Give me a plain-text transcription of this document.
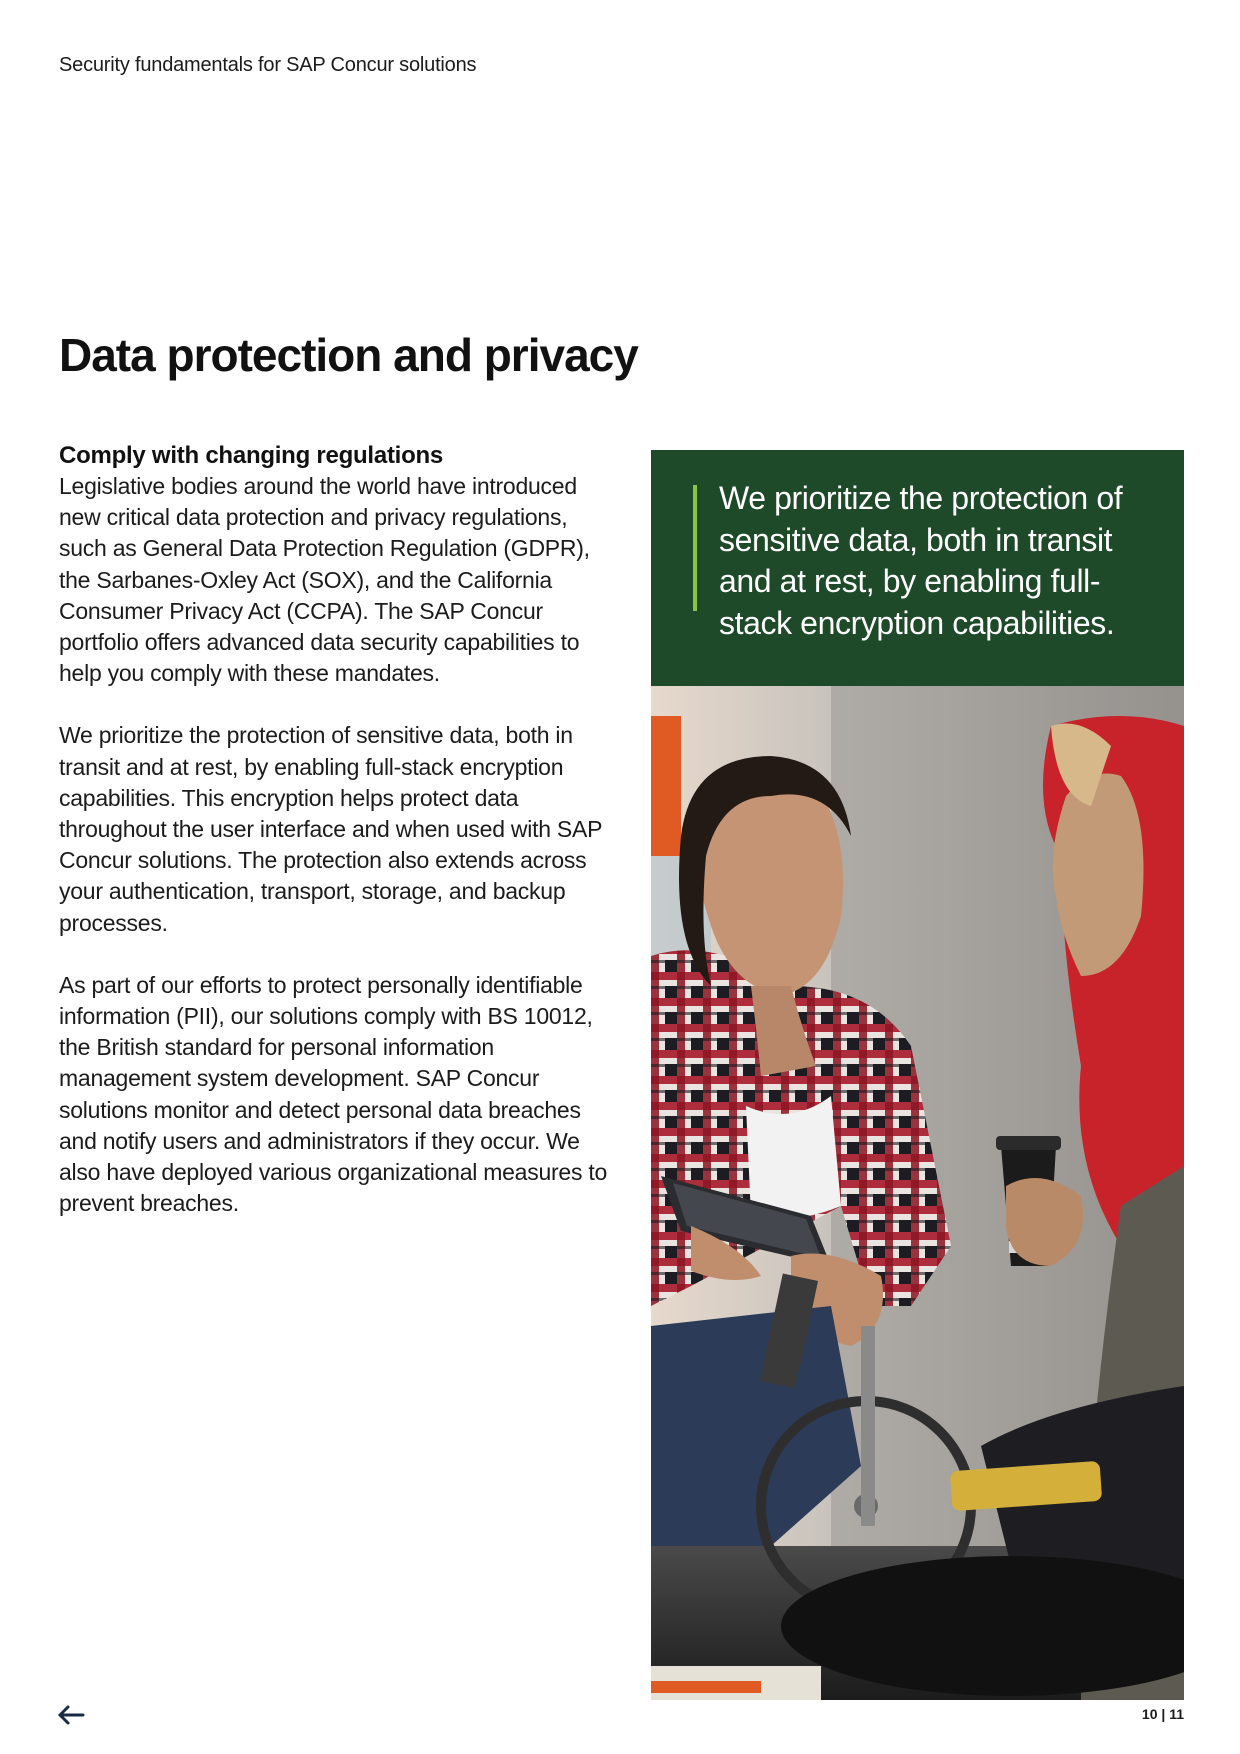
Security fundamentals for SAP Concur solutions
Data protection and privacy
Comply with changing regulations

Legislative bodies around the world have introduced new critical data protection and privacy regulations, such as General Data Protection Regulation (GDPR), the Sarbanes-Oxley Act (SOX), and the California Consumer Privacy Act (CCPA). The SAP Concur portfolio offers advanced data security capabilities to help you comply with these mandates.

We prioritize the protection of sensitive data, both in transit and at rest, by enabling full-stack encryption capabilities. This encryption helps protect data throughout the user interface and when used with SAP Concur solutions. The protection also extends across your authentication, transport, storage, and backup processes.

As part of our efforts to protect personally identifiable information (PII), our solutions comply with BS 10012, the British standard for personal information management system development. SAP Concur solutions monitor and detect personal data breaches and notify users and administrators if they occur. We also have deployed various organizational measures to prevent breaches.

We prioritize the protection of sensitive data, both in transit and at rest, by enabling full-stack encryption capabilities.
10 | 11
